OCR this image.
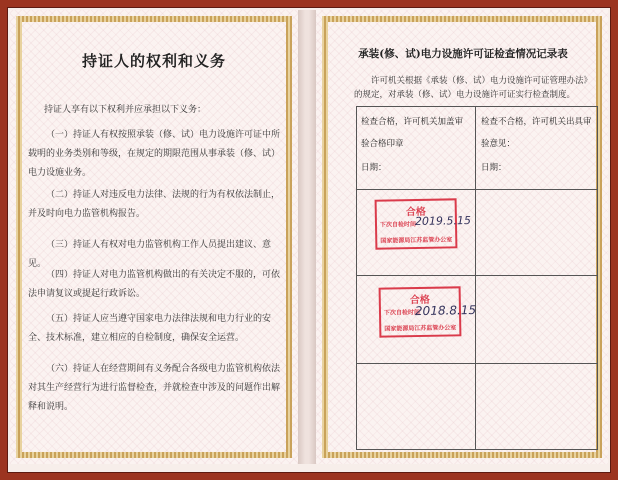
持证人的权利和义务
持证人享有以下权利并应承担以下义务：

（一）持证人有权按照承装（修、试）电力设施许可证中所载明的业务类别和等级，在规定的期限范围从事承装（修、试）电力设施业务。

（二）持证人对违反电力法律、法规的行为有权依法制止，并及时向电力监管机构报告。

（三）持证人有权对电力监管机构工作人员提出建议、意见。

（四）持证人对电力监管机构做出的有关决定不服的，可依法申请复议或提起行政诉讼。

（五）持证人应当遵守国家电力法律法规和电力行业的安全、技术标准，建立相应的自检制度，确保安全运营。

（六）持证人在经营期间有义务配合各级电力监管机构依法对其生产经营行为进行监督检查，并就检查中涉及的问题作出解释和说明。

承装(修、试)电力设施许可证检查情况记录表
许可机关根据《承装（修、试）电力设施许可证管理办法》的规定，对承装（修、试）电力设施许可证实行检查制度。
检查合格，许可机关加盖审验合格印章
日期：
检查不合格，许可机关出具审验意见：
日期：
合格
下次自检时间
2019.5.15
国家能源局江苏监管办公室
合格
下次自检时间
2018.8.15
国家能源局江苏监管办公室
